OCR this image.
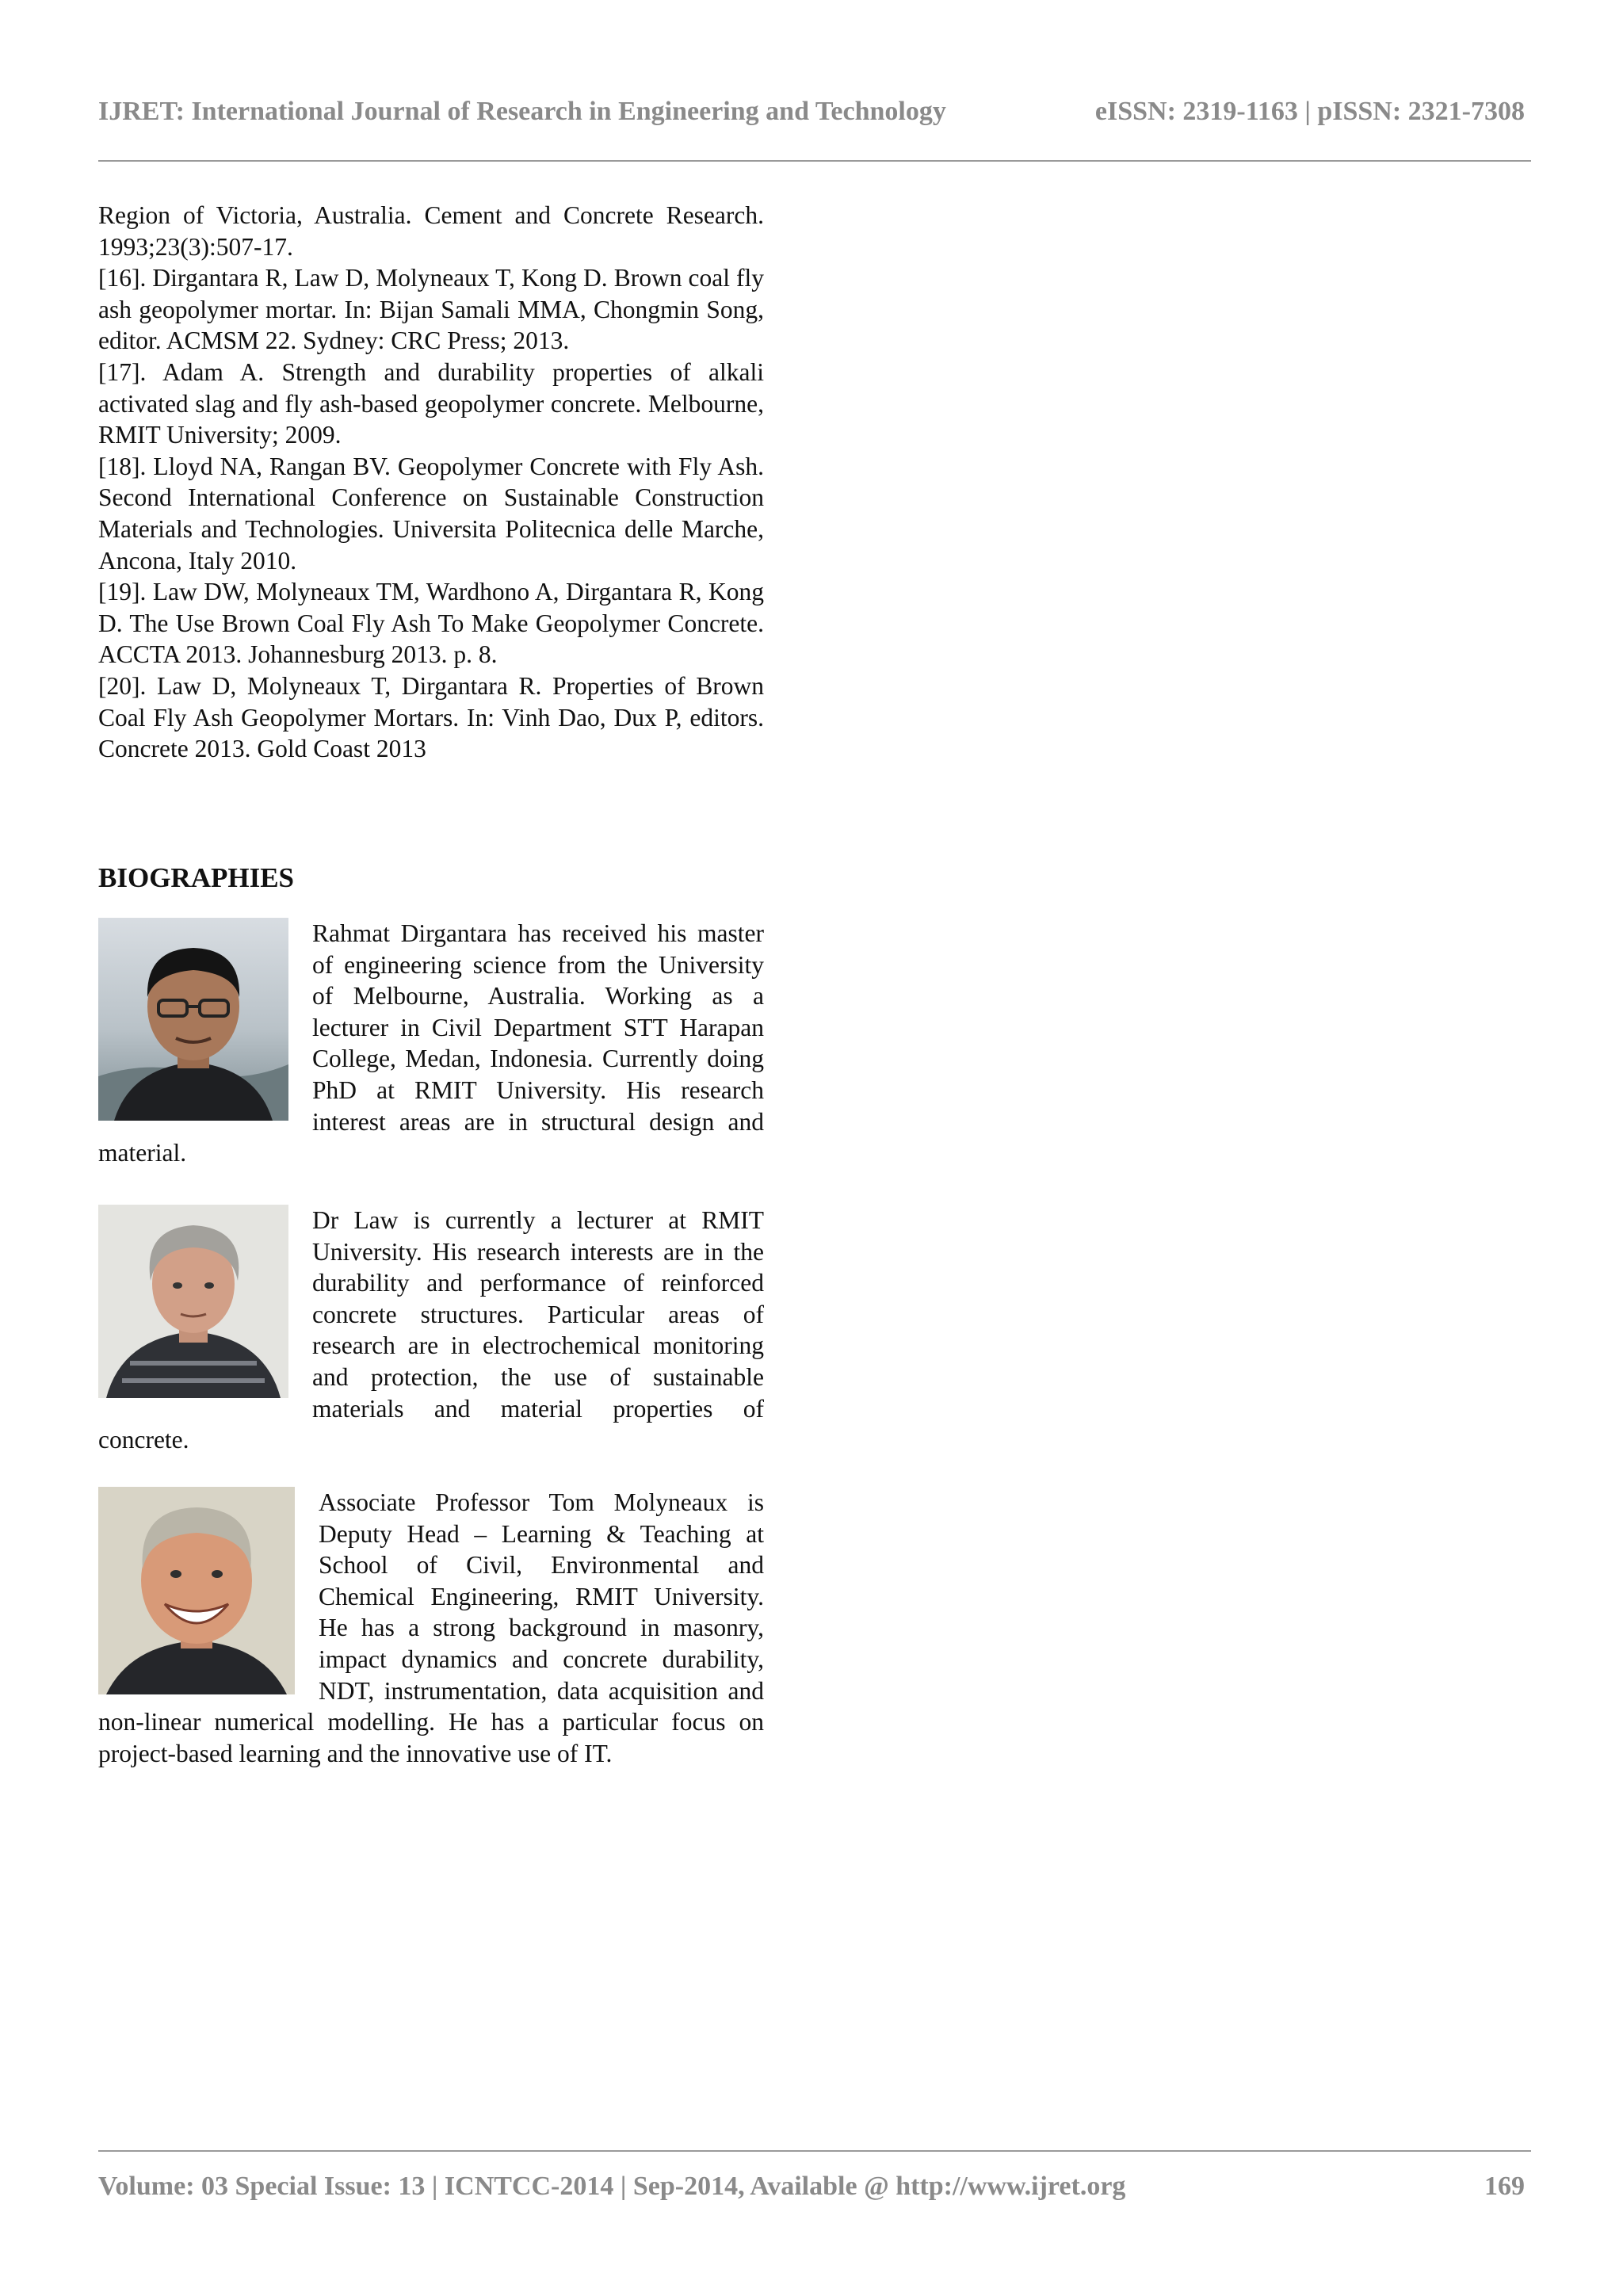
IJRET: International Journal of Research in Engineering and Technology	eISSN: 2319-1163 | pISSN: 2321-7308

Region of Victoria, Australia. Cement and Concrete Research. 1993;23(3):507-17.

[16]. Dirgantara R, Law D, Molyneaux T, Kong D. Brown coal fly ash geopolymer mortar. In: Bijan Samali MMA, Chongmin Song, editor. ACMSM 22. Sydney: CRC Press; 2013.

[17]. Adam A. Strength and durability properties of alkali activated slag and fly ash-based geopolymer concrete. Melbourne, RMIT University; 2009.

[18]. Lloyd NA, Rangan BV. Geopolymer Concrete with Fly Ash. Second International Conference on Sustainable Construction Materials and Technologies. Universita Politecnica delle Marche, Ancona, Italy 2010.

[19]. Law DW, Molyneaux TM, Wardhono A, Dirgantara R, Kong D. The Use Brown Coal Fly Ash To Make Geopolymer Concrete. ACCTA 2013. Johannesburg 2013. p. 8.

[20]. Law D, Molyneaux T, Dirgantara R. Properties of Brown Coal Fly Ash Geopolymer Mortars. In: Vinh Dao, Dux P, editors. Concrete 2013. Gold Coast 2013

BIOGRAPHIES

Rahmat Dirgantara has received his master of engineering science from the University of Melbourne, Australia. Working as a lecturer in Civil Department STT Harapan College, Medan, Indonesia. Currently doing PhD at RMIT University. His research interest areas are in structural design and material.

Dr Law is currently a lecturer at RMIT University. His research interests are in the durability and performance of reinforced concrete structures. Particular areas of research are in electrochemical monitoring and protection, the use of sustainable materials and material properties of concrete.

Associate Professor Tom Molyneaux is Deputy Head – Learning & Teaching at School of Civil, Environmental and Chemical Engineering, RMIT University. He has a strong background in masonry, impact dynamics and concrete durability, NDT, instrumentation, data acquisition and non-linear numerical modelling. He has a particular focus on project-based learning and the innovative use of IT.

Volume: 03 Special Issue: 13 | ICNTCC-2014 | Sep-2014, Available @ http://www.ijret.org	169
